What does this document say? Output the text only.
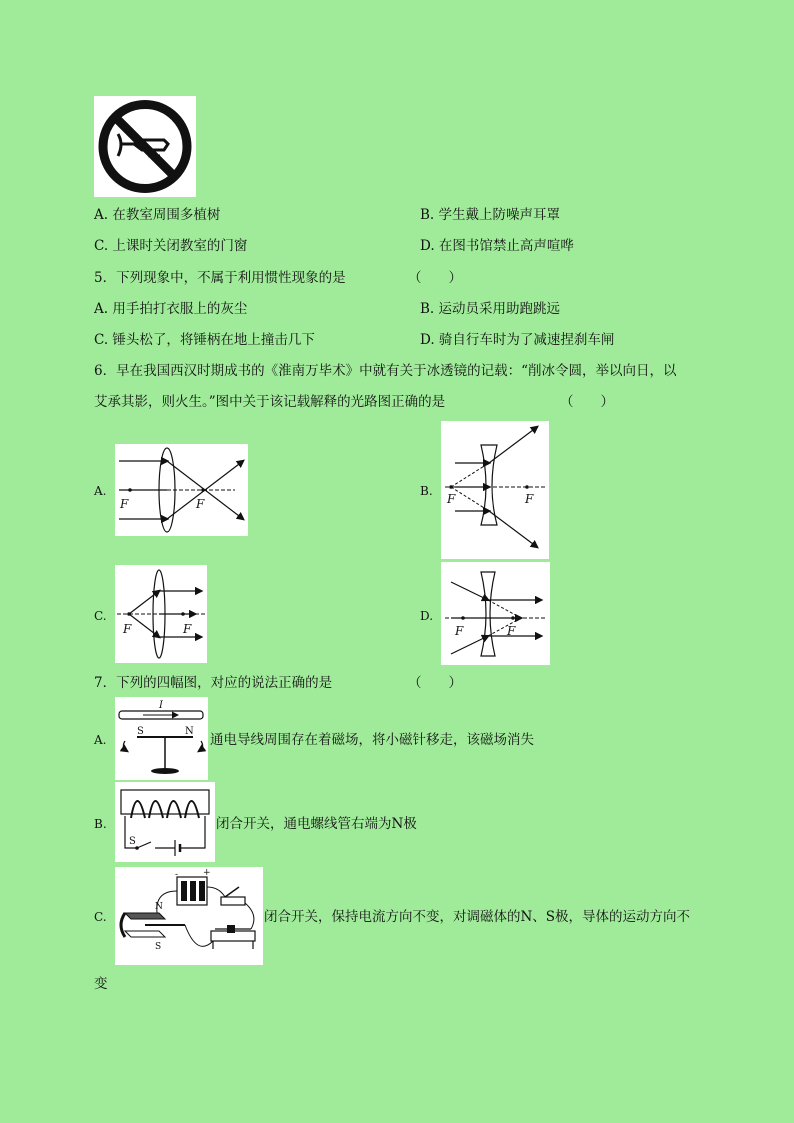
A. 在教室周围多植树	B. 学生戴上防噪声耳罩
C. 上课时关闭教室的门窗	D. 在图书馆禁止高声喧哗
5．下列现象中，不属于利用惯性现象的是	（　　）
A. 用手拍打衣服上的灰尘	B. 运动员采用助跑跳远
C. 锤头松了，将锤柄在地上撞击几下	D. 骑自行车时为了减速捏刹车闸
6．早在我国西汉时期成书的《淮南万毕术》中就有关于冰透镜的记载：“削冰令圆，举以向日，以
艾承其影，则火生。”图中关于该记载解释的光路图正确的是	（　　）
A.
F	F
B.
F	F
C.
F	F
D.
F	F
7．下列的四幅图，对应的说法正确的是	（　　）
A.
I
S	N
通电导线周围存在着磁场，将小磁针移走，该磁场消失
B.
S
闭合开关，通电螺线管右端为N极
C.
-	+
N
S
闭合开关，保持电流方向不变，对调磁体的N、S极，导体的运动方向不
变
